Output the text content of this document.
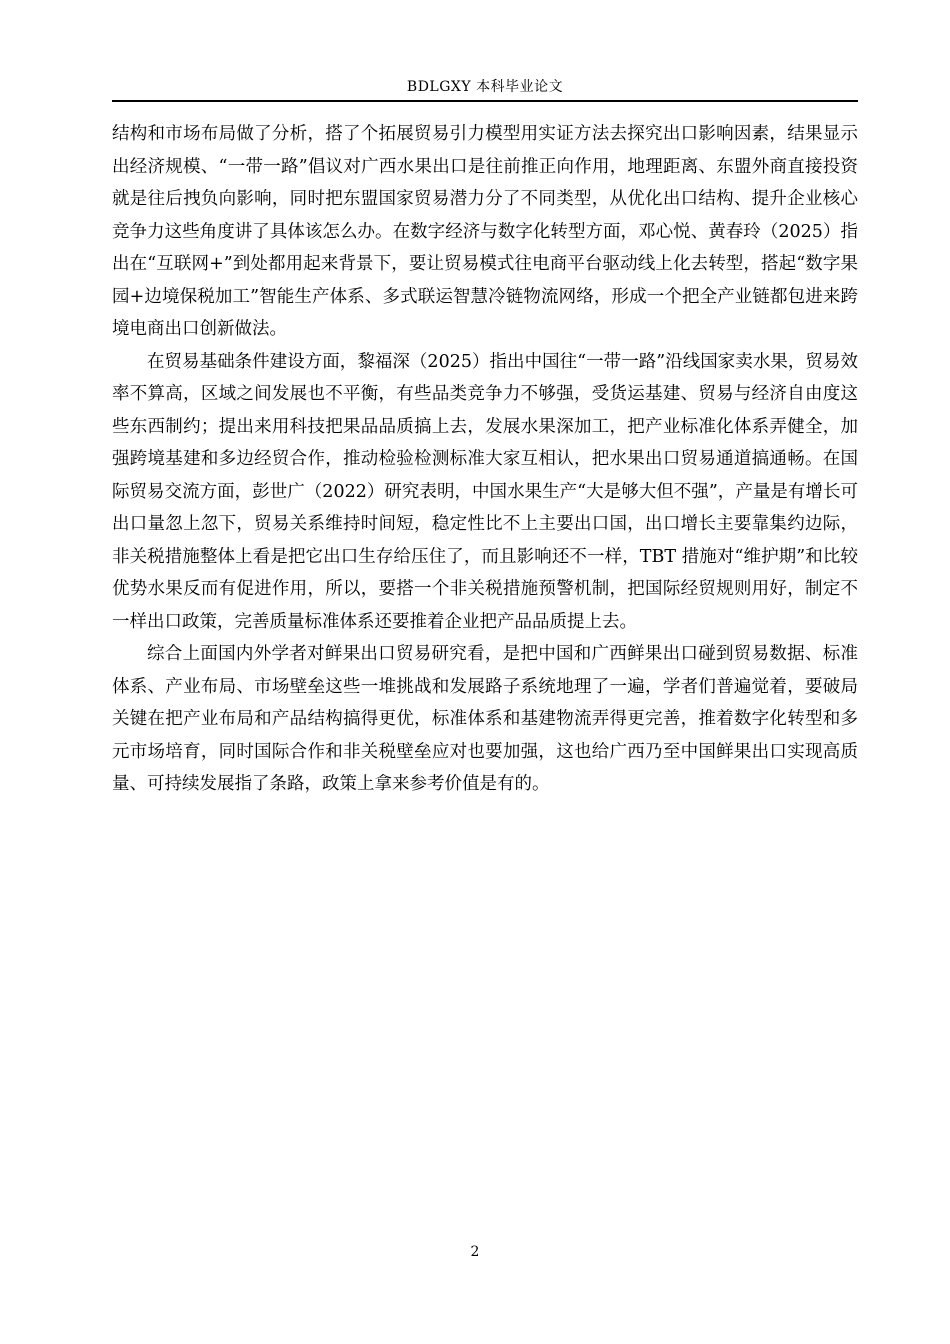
BDLGXY 本科毕业论文

结构和市场布局做了分析，搭了个拓展贸易引力模型用实证方法去探究出口影响因素，结果显示出经济规模、“一带一路”倡议对广西水果出口是往前推正向作用，地理距离、东盟外商直接投资就是往后拽负向影响，同时把东盟国家贸易潜力分了不同类型，从优化出口结构、提升企业核心竞争力这些角度讲了具体该怎么办。在数字经济与数字化转型方面，邓心悦、黄春玲（2025）指出在“互联网+”到处都用起来背景下，要让贸易模式往电商平台驱动线上化去转型，搭起“数字果园+边境保税加工”智能生产体系、多式联运智慧冷链物流网络，形成一个把全产业链都包进来跨境电商出口创新做法。

在贸易基础条件建设方面，黎福深（2025）指出中国往“一带一路”沿线国家卖水果，贸易效率不算高，区域之间发展也不平衡，有些品类竞争力不够强，受货运基建、贸易与经济自由度这些东西制约；提出来用科技把果品品质搞上去，发展水果深加工，把产业标准化体系弄健全，加强跨境基建和多边经贸合作，推动检验检测标准大家互相认，把水果出口贸易通道搞通畅。在国际贸易交流方面，彭世广（2022）研究表明，中国水果生产“大是够大但不强”，产量是有增长可出口量忽上忽下，贸易关系维持时间短，稳定性比不上主要出口国，出口增长主要靠集约边际，非关税措施整体上看是把它出口生存给压住了，而且影响还不一样，TBT 措施对“维护期”和比较优势水果反而有促进作用，所以，要搭一个非关税措施预警机制，把国际经贸规则用好，制定不一样出口政策，完善质量标准体系还要推着企业把产品品质提上去。

综合上面国内外学者对鲜果出口贸易研究看，是把中国和广西鲜果出口碰到贸易数据、标准体系、产业布局、市场壁垒这些一堆挑战和发展路子系统地理了一遍，学者们普遍觉着，要破局关键在把产业布局和产品结构搞得更优，标准体系和基建物流弄得更完善，推着数字化转型和多元市场培育，同时国际合作和非关税壁垒应对也要加强，这也给广西乃至中国鲜果出口实现高质量、可持续发展指了条路，政策上拿来参考价值是有的。

2
